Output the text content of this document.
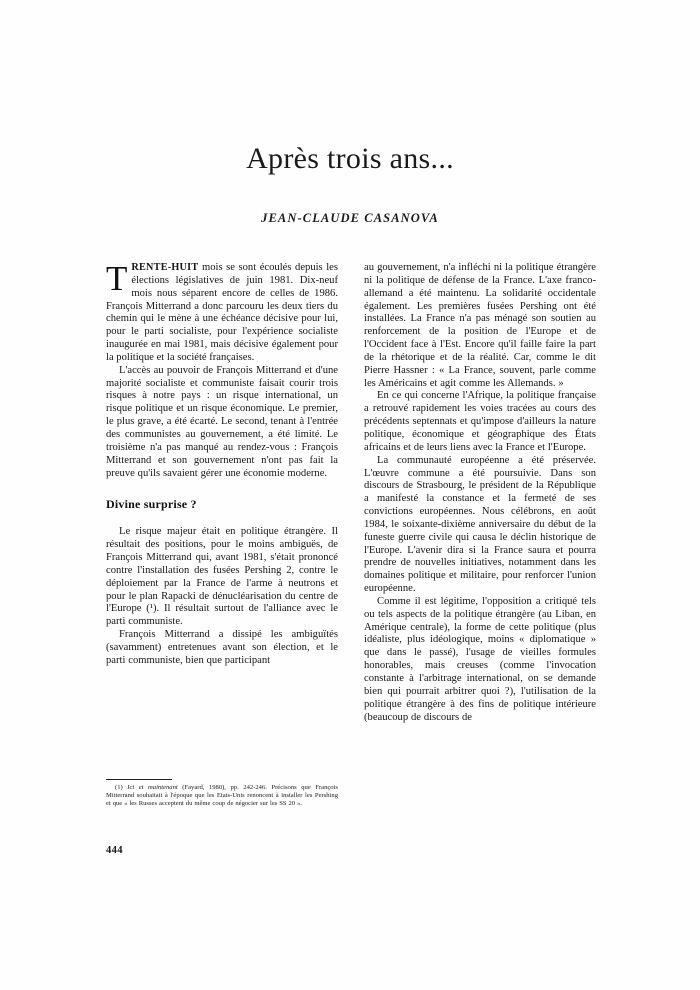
Après trois ans...
JEAN-CLAUDE CASANOVA

TRENTE-HUIT mois se sont écoulés depuis les élections législatives de juin 1981. Dix-neuf mois nous séparent encore de celles de 1986. François Mitterrand a donc parcouru les deux tiers du chemin qui le mène à une échéance décisive pour lui, pour le parti socialiste, pour l'expérience socialiste inaugurée en mai 1981, mais décisive également pour la politique et la société françaises.

L'accès au pouvoir de François Mitterrand et d'une majorité socialiste et communiste faisait courir trois risques à notre pays : un risque international, un risque politique et un risque économique. Le premier, le plus grave, a été écarté. Le second, tenant à l'entrée des communistes au gouvernement, a été limité. Le troisième n'a pas manqué au rendez-vous : François Mitterrand et son gouvernement n'ont pas fait la preuve qu'ils savaient gérer une économie moderne.

Divine surprise ?

Le risque majeur était en politique étrangère. Il résultait des positions, pour le moins ambiguës, de François Mitterrand qui, avant 1981, s'était prononcé contre l'installation des fusées Pershing 2, contre le déploiement par la France de l'arme à neutrons et pour le plan Rapacki de dénucléarisation du centre de l'Europe (¹). Il résultait surtout de l'alliance avec le parti communiste.

François Mitterrand a dissipé les ambiguïtés (savamment) entretenues avant son élection, et le parti communiste, bien que participant

au gouvernement, n'a infléchi ni la politique étrangère ni la politique de défense de la France. L'axe franco-allemand a été maintenu. La solidarité occidentale également. Les premières fusées Pershing ont été installées. La France n'a pas ménagé son soutien au renforcement de la position de l'Europe et de l'Occident face à l'Est. Encore qu'il faille faire la part de la rhétorique et de la réalité. Car, comme le dit Pierre Hassner : « La France, souvent, parle comme les Américains et agit comme les Allemands. »

En ce qui concerne l'Afrique, la politique française a retrouvé rapidement les voies tracées au cours des précédents septennats et qu'impose d'ailleurs la nature politique, économique et géographique des États africains et de leurs liens avec la France et l'Europe.

La communauté européenne a été préservée. L'œuvre commune a été poursuivie. Dans son discours de Strasbourg, le président de la République a manifesté la constance et la fermeté de ses convictions européennes. Nous célébrons, en août 1984, le soixante-dixième anniversaire du début de la funeste guerre civile qui causa le déclin historique de l'Europe. L'avenir dira si la France saura et pourra prendre de nouvelles initiatives, notamment dans les domaines politique et militaire, pour renforcer l'union européenne.

Comme il est légitime, l'opposition a critiqué tels ou tels aspects de la politique étrangère (au Liban, en Amérique centrale), la forme de cette politique (plus idéaliste, plus idéologique, moins « diplomatique » que dans le passé), l'usage de vieilles formules honorables, mais creuses (comme l'invocation constante à l'arbitrage international, on se demande bien qui pourrait arbitrer quoi ?), l'utilisation de la politique étrangère à des fins de politique intérieure (beaucoup de discours de

(1) Ici et maintenant (Fayard, 1980), pp. 242-246. Précisons que François Mitterrand souhaitait à l'époque que les Etats-Unis renoncent à installer les Pershing et que « les Russes acceptent du même coup de négocier sur les SS 20 ».

444
